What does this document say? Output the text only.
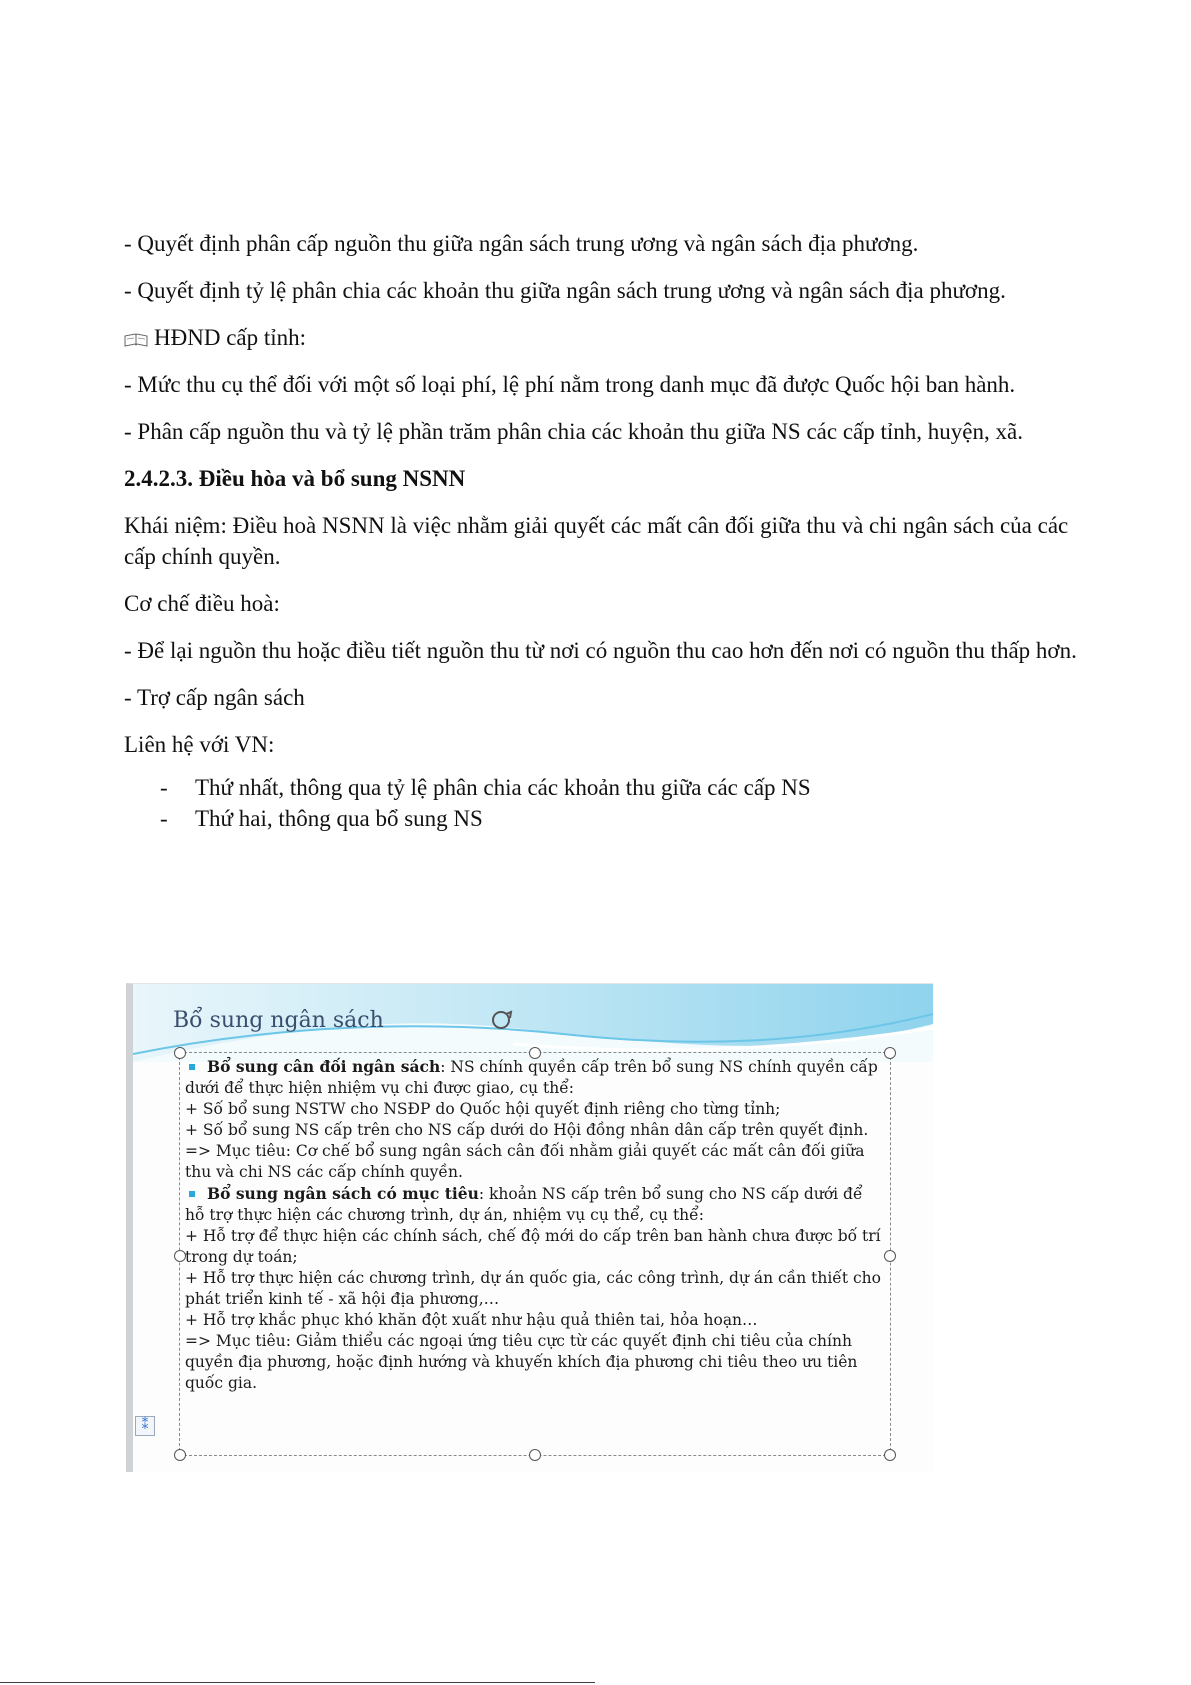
- Quyết định phân cấp nguồn thu giữa ngân sách trung ương và ngân sách địa phương.

- Quyết định tỷ lệ phân chia các khoản thu giữa ngân sách trung ương và ngân sách địa phương.

HĐND cấp tỉnh:

- Mức thu cụ thể đối với một số loại phí, lệ phí nằm trong danh mục đã được Quốc hội ban hành.

- Phân cấp nguồn thu và tỷ lệ phần trăm phân chia các khoản thu giữa NS các cấp tỉnh, huyện, xã.

2.4.2.3. Điều hòa và bổ sung NSNN

Khái niệm: Điều hoà NSNN là việc nhằm giải quyết các mất cân đối giữa thu và chi ngân sách của các cấp chính quyền.

Cơ chế điều hoà:

- Để lại nguồn thu hoặc điều tiết nguồn thu từ nơi có nguồn thu cao hơn đến nơi có nguồn thu thấp hơn.

- Trợ cấp ngân sách

Liên hệ với VN:

- Thứ nhất, thông qua tỷ lệ phân chia các khoản thu giữa các cấp NS
- Thứ hai, thông qua bổ sung NS
Bổ sung ngân sách

Bổ sung cân đối ngân sách: NS chính quyền cấp trên bổ sung NS chính quyền cấp dưới để thực hiện nhiệm vụ chi được giao, cụ thể:

+ Số bổ sung NSTW cho NSĐP do Quốc hội quyết định riêng cho từng tỉnh;

+ Số bổ sung NS cấp trên cho NS cấp dưới do Hội đồng nhân dân cấp trên quyết định.

=> Mục tiêu: Cơ chế bổ sung ngân sách cân đối nhằm giải quyết các mất cân đối giữa thu và chi NS các cấp chính quyền.

Bổ sung ngân sách có mục tiêu: khoản NS cấp trên bổ sung cho NS cấp dưới để hỗ trợ thực hiện các chương trình, dự án, nhiệm vụ cụ thể, cụ thể:

+ Hỗ trợ để thực hiện các chính sách, chế độ mới do cấp trên ban hành chưa được bố trí trong dự toán;

+ Hỗ trợ thực hiện các chương trình, dự án quốc gia, các công trình, dự án cần thiết cho phát triển kinh tế - xã hội địa phương,…

+ Hỗ trợ khắc phục khó khăn đột xuất như hậu quả thiên tai, hỏa hoạn…

=> Mục tiêu: Giảm thiểu các ngoại ứng tiêu cực từ các quyết định chi tiêu của chính quyền địa phương, hoặc định hướng và khuyến khích địa phương chi tiêu theo ưu tiên quốc gia.

⁑
